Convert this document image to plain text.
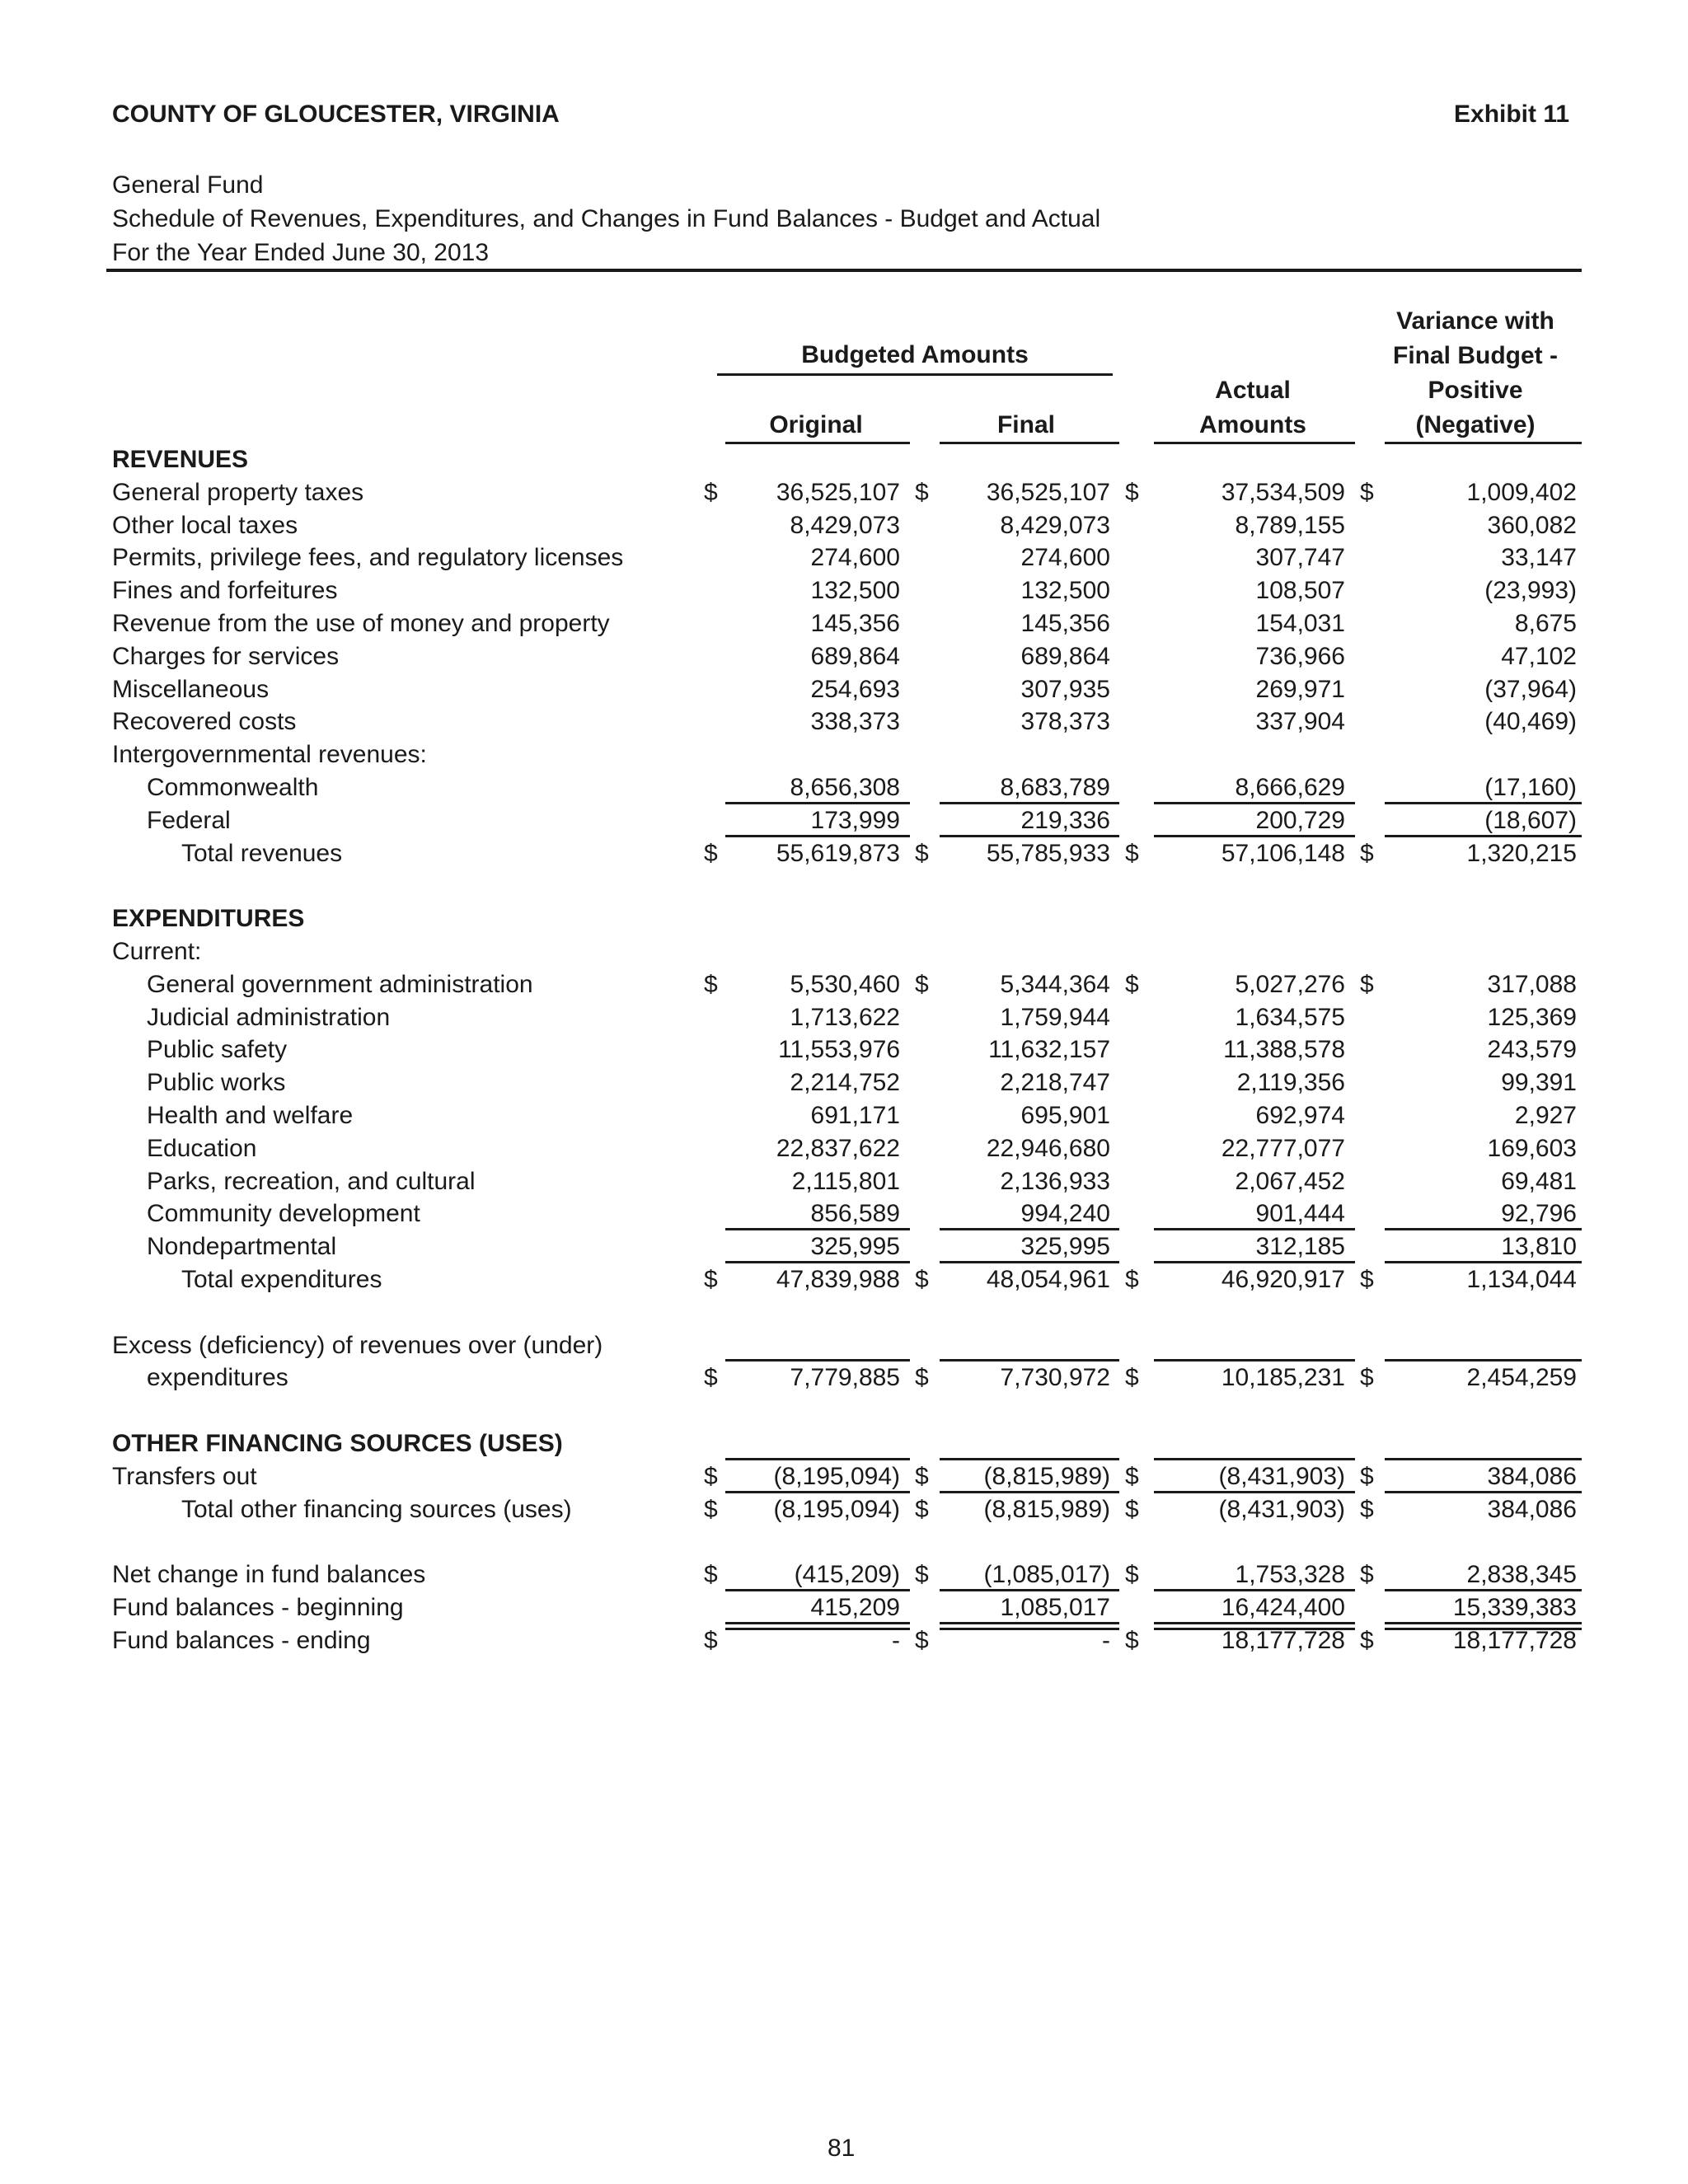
COUNTY OF GLOUCESTER, VIRGINIA	Exhibit 11
General Fund
Schedule of Revenues, Expenditures, and Changes in Fund Balances - Budget and Actual
For the Year Ended June 30, 2013
Budgeted Amounts
Original	Final
Actual
Amounts
Variance with
Final Budget -
Positive
(Negative)
REVENUES
General property taxes	$ 36,525,107 $ 36,525,107 $	37,534,509 $	1,009,402
Other local taxes	8,429,073	8,429,073	8,789,155	360,082
Permits, privilege fees, and regulatory licenses	274,600	274,600	307,747	33,147
Fines and forfeitures	132,500	132,500	108,507	(23,993)
Revenue from the use of money and property	145,356	145,356	154,031	8,675
Charges for services	689,864	689,864	736,966	47,102
Miscellaneous	254,693	307,935	269,971	(37,964)
Recovered costs	338,373	378,373	337,904	(40,469)
Intergovernmental revenues:
Commonwealth	8,656,308	8,683,789	8,666,629	(17,160)
Federal	173,999	219,336	200,729	(18,607)
Total revenues	$ 55,619,873 $ 55,785,933 $	57,106,148 $	1,320,215
EXPENDITURES
Current:
General government administration	$	5,530,460 $	5,344,364 $	5,027,276 $	317,088
Judicial administration	1,713,622	1,759,944	1,634,575	125,369
Public safety	11,553,976	11,632,157	11,388,578	243,579
Public works	2,214,752	2,218,747	2,119,356	99,391
Health and welfare	691,171	695,901	692,974	2,927
Education	22,837,622	22,946,680	22,777,077	169,603
Parks, recreation, and cultural	2,115,801	2,136,933	2,067,452	69,481
Community development	856,589	994,240	901,444	92,796
Nondepartmental	325,995	325,995	312,185	13,810
Total expenditures	$ 47,839,988 $ 48,054,961 $	46,920,917 $	1,134,044
Excess (deficiency) of revenues over (under)
expenditures	$	7,779,885 $	7,730,972 $	10,185,231 $	2,454,259
OTHER FINANCING SOURCES (USES)
Transfers out	$ (8,195,094) $ (8,815,989) $	(8,431,903) $	384,086
Total other financing sources (uses)	$ (8,195,094) $ (8,815,989) $	(8,431,903) $	384,086
Net change in fund balances	$	(415,209) $ (1,085,017) $	1,753,328 $	2,838,345
Fund balances - beginning	415,209	1,085,017	16,424,400	15,339,383
Fund balances - ending	$	- $	- $	18,177,728 $	18,177,728
81
